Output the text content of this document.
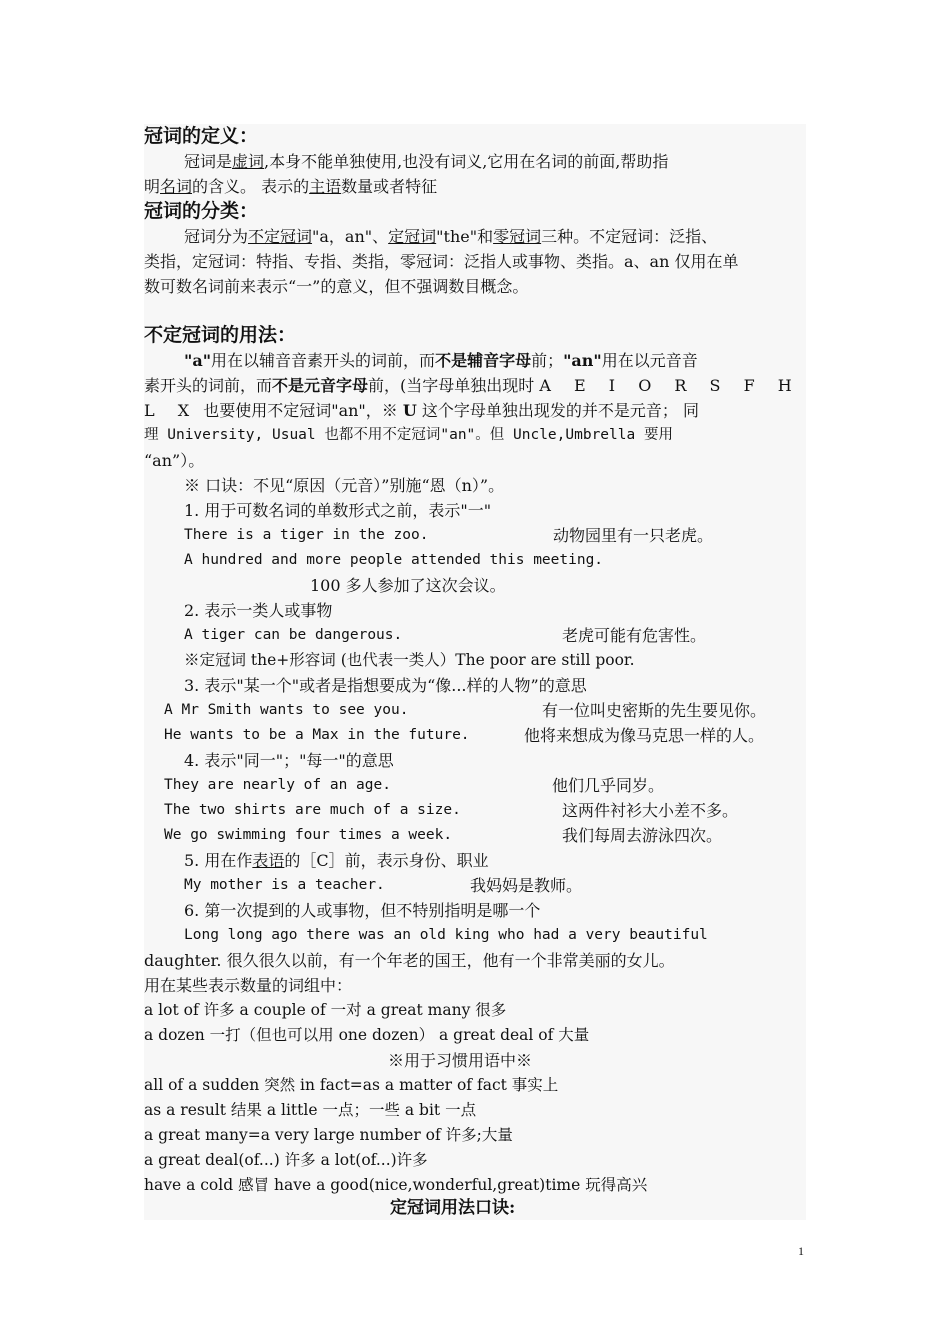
冠词的定义：
冠词是虚词,本身不能单独使用,也没有词义,它用在名词的前面,帮助指
明名词的含义。 表示的主语数量或者特征
冠词的分类：
冠词分为不定冠词"a，an"、定冠词"the"和零冠词三种。不定冠词：泛指、
类指，定冠词：特指、专指、类指，零冠词：泛指人或事物、类指。a、an 仅用在单
数可数名词前来表示“一”的意义，但不强调数目概念。
不定冠词的用法：
"a"用在以辅音音素开头的词前，而不是辅音字母前；"an"用在以元音音
素开头的词前，而不是元音字母前，(当字母单独出现时 A E I O R S F H
L X 也要使用不定冠词"an"，※ U 这个字母单独出现发的并不是元音； 同
理 University, Usual 也都不用不定冠词"an"。但 Uncle,Umbrella 要用
“an”）。
※ 口诀：不见“原因（元音）”别施“恩（n）”。
1. 用于可数名词的单数形式之前，表示"一"
There is a tiger in the zoo.	动物园里有一只老虎。
A hundred and more people attended this meeting.
100 多人参加了这次会议。
2. 表示一类人或事物
A tiger can be dangerous.	老虎可能有危害性。
※定冠词 the+形容词 (也代表一类人）The poor are still poor.
3. 表示"某一个"或者是指想要成为“像...样的人物”的意思
A Mr Smith wants to see you.	有一位叫史密斯的先生要见你。
He wants to be a Max in the future.	他将来想成为像马克思一样的人。
4. 表示"同一"；"每一"的意思
They are nearly of an age.	他们几乎同岁。
The two shirts are much of a size.	这两件衬衫大小差不多。
We go swimming four times a week.	我们每周去游泳四次。
5. 用在作表语的［C］前，表示身份、职业
My mother is a teacher.	我妈妈是教师。
6. 第一次提到的人或事物，但不特别指明是哪一个
Long long ago there was an old king who had a very beautiful
daughter. 很久很久以前，有一个年老的国王，他有一个非常美丽的女儿。
用在某些表示数量的词组中：
a lot of 许多 a couple of 一对 a great many 很多
a dozen 一打（但也可以用 one dozen） a great deal of 大量
※用于习惯用语中※
all of a sudden 突然 in fact=as a matter of fact 事实上
as a result 结果 a little 一点；一些 a bit 一点
a great many=a very large number of 许多;大量
a great deal(of...) 许多 a lot(of...)许多
have a cold 感冒 have a good(nice,wonderful,great)time 玩得高兴
定冠词用法口诀:
1
